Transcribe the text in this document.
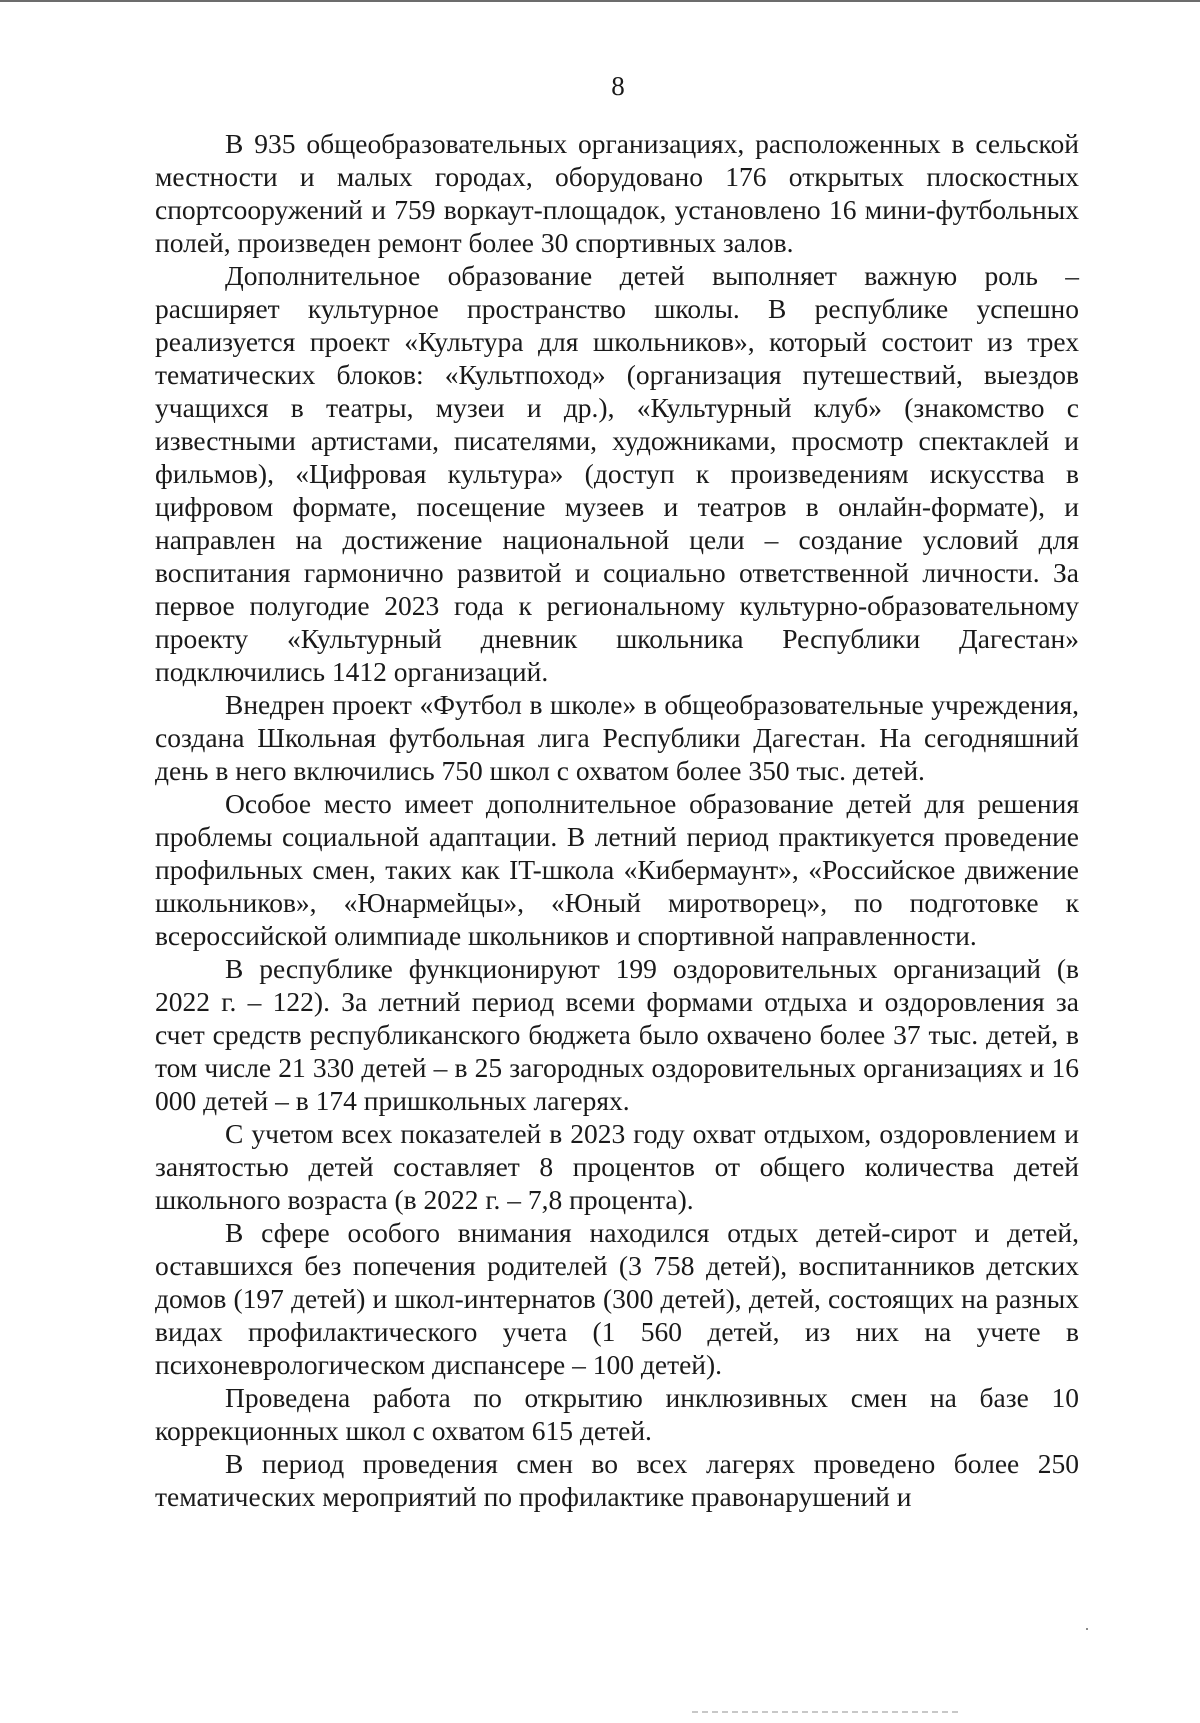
8

В 935 общеобразовательных организациях, расположенных в сельской местности и малых городах, оборудовано 176 открытых плоскостных спортсооружений и 759 воркаут-площадок, установлено 16 мини-футбольных полей, произведен ремонт более 30 спортивных залов.

Дополнительное образование детей выполняет важную роль – расширяет культурное пространство школы. В республике успешно реализуется проект «Культура для школьников», который состоит из трех тематических блоков: «Культпоход» (организация путешествий, выездов учащихся в театры, музеи и др.), «Культурный клуб» (знакомство с известными артистами, писателями, художниками, просмотр спектаклей и фильмов), «Цифровая культура» (доступ к произведениям искусства в цифровом формате, посещение музеев и театров в онлайн-формате), и направлен на достижение национальной цели – создание условий для воспитания гармонично развитой и социально ответственной личности. За первое полугодие 2023 года к региональному культурно-образовательному проекту «Культурный дневник школьника Республики Дагестан» подключились 1412 организаций.

Внедрен проект «Футбол в школе» в общеобразовательные учреждения, создана Школьная футбольная лига Республики Дагестан. На сегодняшний день в него включились 750 школ с охватом более 350 тыс. детей.

Особое место имеет дополнительное образование детей для решения проблемы социальной адаптации. В летний период практикуется проведение профильных смен, таких как IT-школа «Кибермаунт», «Российское движение школьников», «Юнармейцы», «Юный миротворец», по подготовке к всероссийской олимпиаде школьников и спортивной направленности.

В республике функционируют 199 оздоровительных организаций (в 2022 г. – 122). За летний период всеми формами отдыха и оздоровления за счет средств республиканского бюджета было охвачено более 37 тыс. детей, в том числе 21 330 детей – в 25 загородных оздоровительных организациях и 16 000 детей – в 174 пришкольных лагерях.

С учетом всех показателей в 2023 году охват отдыхом, оздоровлением и занятостью детей составляет 8 процентов от общего количества детей школьного возраста (в 2022 г. – 7,8 процента).

В сфере особого внимания находился отдых детей-сирот и детей, оставшихся без попечения родителей (3 758 детей), воспитанников детских домов (197 детей) и школ-интернатов (300 детей), детей, состоящих на разных видах профилактического учета (1 560 детей, из них на учете в психоневрологическом диспансере – 100 детей).

Проведена работа по открытию инклюзивных смен на базе 10 коррекционных школ с охватом 615 детей.

В период проведения смен во всех лагерях проведено более 250 тематических мероприятий по профилактике правонарушений и
